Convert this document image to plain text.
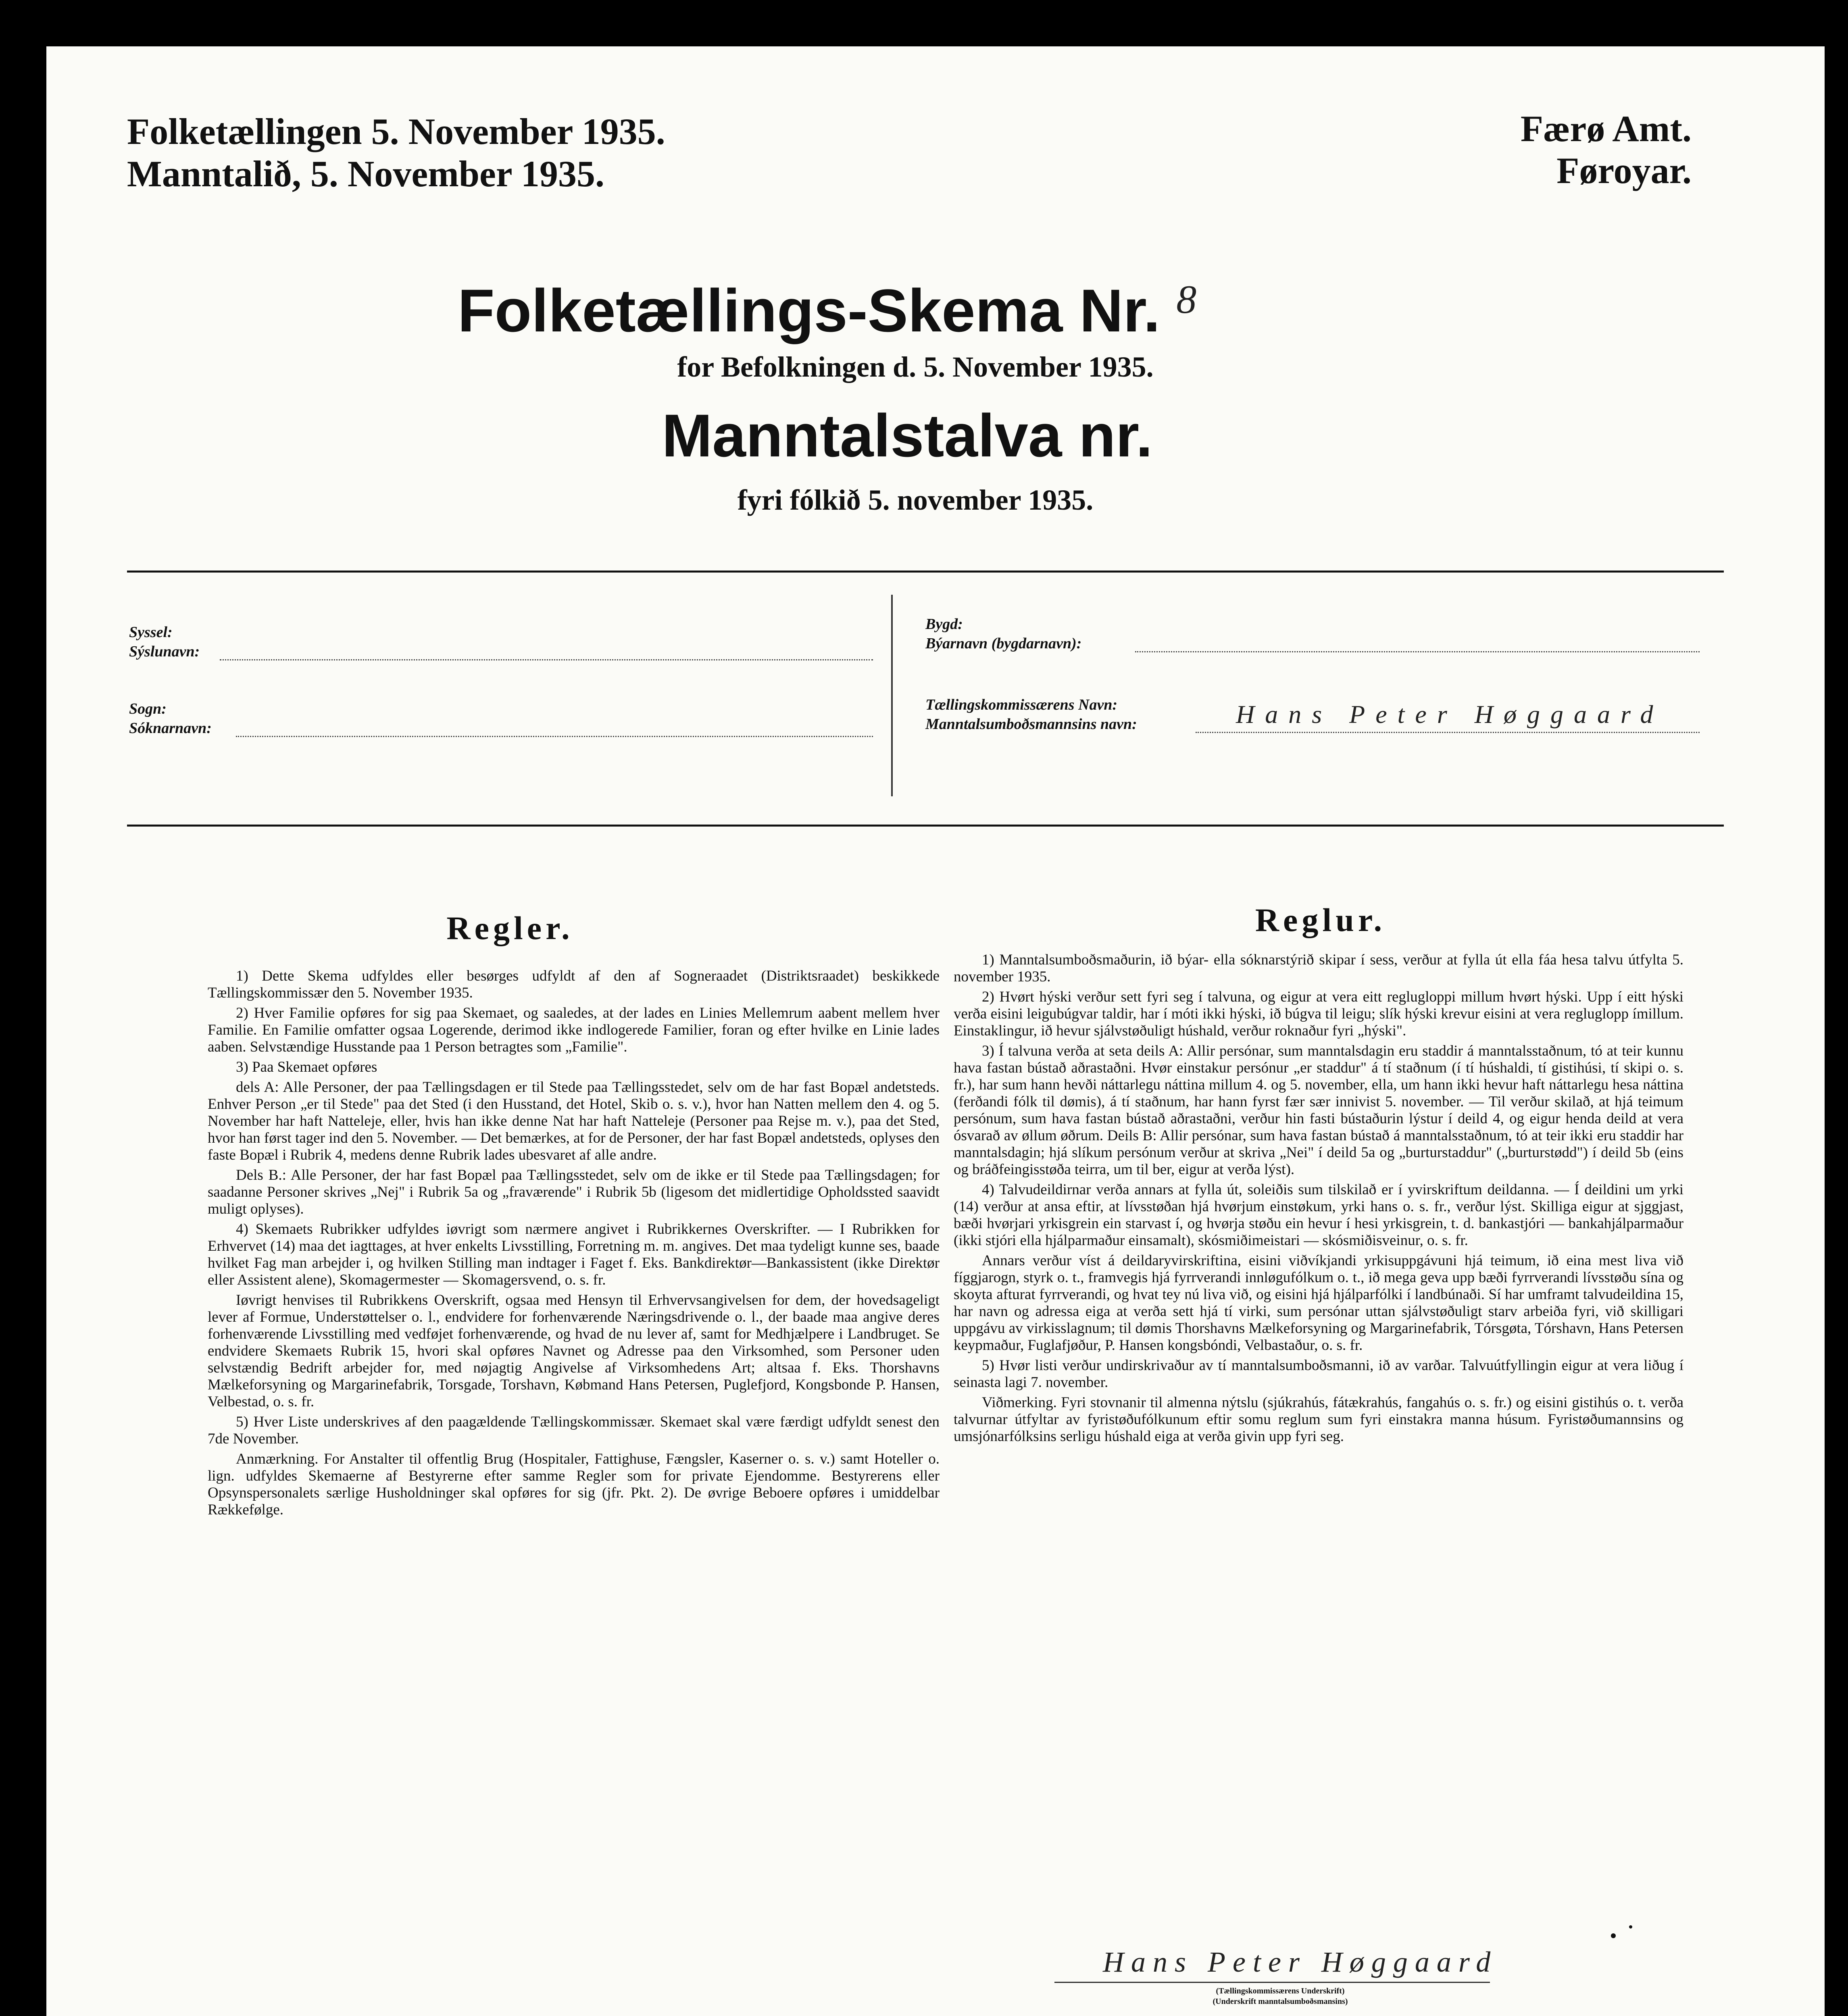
Folketællingen 5. November 1935.
Manntalið, 5. November 1935.
Færø Amt.
Føroyar.
Folketællings-Skema Nr. 8
for Befolkningen d. 5. November 1935.
Manntalstalva nr.
fyri fólkið 5. november 1935.
Syssel:
Sýslunavn:
Sogn:
Sóknarnavn:
Bygd:
Býarnavn (bygdarnavn):
Tællingskommissærens Navn:
Manntalsumboðsmannsins navn:	Hans Peter Høggaard
Regler.	Reglur.

1) Dette Skema udfyldes eller besørges udfyldt af den af Sogneraadet (Distriktsraadet) beskikkede Tællingskommissær den 5. November 1935.

2) Hver Familie opføres for sig paa Skemaet, og saaledes, at der lades en Linies Mellemrum aabent mellem hver Familie. En Familie omfatter ogsaa Logerende, derimod ikke indlogerede Familier, foran og efter hvilke en Linie lades aaben. Selvstændige Husstande paa 1 Person betragtes som „Familie".

3) Paa Skemaet opføres

dels A: Alle Personer, der paa Tællingsdagen er til Stede paa Tællingsstedet, selv om de har fast Bopæl andetsteds. Enhver Person „er til Stede" paa det Sted (i den Husstand, det Hotel, Skib o. s. v.), hvor han Natten mellem den 4. og 5. November har haft Natteleje, eller, hvis han ikke denne Nat har haft Natteleje (Personer paa Rejse m. v.), paa det Sted, hvor han først tager ind den 5. November. — Det bemærkes, at for de Personer, der har fast Bopæl andetsteds, oplyses den faste Bopæl i Rubrik 4, medens denne Rubrik lades ubesvaret af alle andre.

Dels B.: Alle Personer, der har fast Bopæl paa Tællingsstedet, selv om de ikke er til Stede paa Tællingsdagen; for saadanne Personer skrives „Nej" i Rubrik 5a og „fraværende" i Rubrik 5b (ligesom det midlertidige Opholdssted saavidt muligt oplyses).

4) Skemaets Rubrikker udfyldes iøvrigt som nærmere angivet i Rubrikkernes Overskrifter. — I Rubrikken for Erhvervet (14) maa det iagttages, at hver enkelts Livsstilling, Forretning m. m. angives. Det maa tydeligt kunne ses, baade hvilket Fag man arbejder i, og hvilken Stilling man indtager i Faget f. Eks. Bankdirektør—Bankassistent (ikke Direktør eller Assistent alene), Skomagermester — Skomagersvend, o. s. fr.

Iøvrigt henvises til Rubrikkens Overskrift, ogsaa med Hensyn til Erhvervsangivelsen for dem, der hovedsageligt lever af Formue, Understøttelser o. l., endvidere for forhenværende Næringsdrivende o. l., der baade maa angive deres forhenværende Livsstilling med vedføjet forhenværende, og hvad de nu lever af, samt for Medhjælpere i Landbruget. Se endvidere Skemaets Rubrik 15, hvori skal opføres Navnet og Adresse paa den Virksomhed, som Personer uden selvstændig Bedrift arbejder for, med nøjagtig Angivelse af Virksomhedens Art; altsaa f. Eks. Thorshavns Mælkeforsyning og Margarinefabrik, Torsgade, Torshavn, Købmand Hans Petersen, Puglefjord, Kongsbonde P. Hansen, Velbestad, o. s. fr.

5) Hver Liste underskrives af den paagældende Tællingskommissær. Skemaet skal være færdigt udfyldt senest den 7de November.

Anmærkning. For Anstalter til offentlig Brug (Hospitaler, Fattighuse, Fængsler, Kaserner o. s. v.) samt Hoteller o. lign. udfyldes Skemaerne af Bestyrerne efter samme Regler som for private Ejendomme. Bestyrerens eller Opsynspersonalets særlige Husholdninger skal opføres for sig (jfr. Pkt. 2). De øvrige Beboere opføres i umiddelbar Rækkefølge.

1) Manntalsumboðsmaðurin, ið býar- ella sóknarstýrið skipar í sess, verður at fylla út ella fáa hesa talvu útfylta 5. november 1935.

2) Hvørt hýski verður sett fyri seg í talvuna, og eigur at vera eitt reglugloppi millum hvørt hýski. Upp í eitt hýski verða eisini leigubúgvar taldir, har í móti ikki hýski, ið búgva til leigu; slík hýski krevur eisini at vera regluglopp ímillum. Einstaklingur, ið hevur sjálvstøðuligt húshald, verður roknaður fyri „hýski".

3) Í talvuna verða at seta deils A: Allir persónar, sum manntalsdagin eru staddir á manntalsstaðnum, tó at teir kunnu hava fastan bústað aðrastaðni. Hvør einstakur persónur „er staddur" á tí staðnum (í tí húshaldi, tí gistihúsi, tí skipi o. s. fr.), har sum hann hevði náttarlegu náttina millum 4. og 5. november, ella, um hann ikki hevur haft náttarlegu hesa náttina (ferðandi fólk til dømis), á tí staðnum, har hann fyrst fær sær innivist 5. november. — Til verður skilað, at hjá teimum persónum, sum hava fastan bústað aðrastaðni, verður hin fasti bústaðurin lýstur í deild 4, og eigur henda deild at vera ósvarað av øllum øðrum. Deils B: Allir persónar, sum hava fastan bústað á manntalsstaðnum, tó at teir ikki eru staddir har manntalsdagin; hjá slíkum persónum verður at skriva „Nei" í deild 5a og „burturstaddur" („burturstødd") í deild 5b (eins og bráðfeingisstøða teirra, um til ber, eigur at verða lýst).

4) Talvudeildirnar verða annars at fylla út, soleiðis sum tilskilað er í yvirskriftum deildanna. — Í deildini um yrki (14) verður at ansa eftir, at lívsstøðan hjá hvørjum einstøkum, yrki hans o. s. fr., verður lýst. Skilliga eigur at sjggjast, bæði hvørjari yrkisgrein ein starvast í, og hvørja støðu ein hevur í hesi yrkisgrein, t. d. bankastjóri — bankahjálparmaður (ikki stjóri ella hjálparmaður einsamalt), skósmiðimeistari — skósmiðisveinur, o. s. fr.

Annars verður víst á deildaryvirskriftina, eisini viðvíkjandi yrkisuppgávuni hjá teimum, ið eina mest liva við fíggjarogn, styrk o. t., framvegis hjá fyrrverandi innløgufólkum o. t., ið mega geva upp bæði fyrrverandi lívsstøðu sína og skoyta afturat fyrrverandi, og hvat tey nú liva við, og eisini hjá hjálparfólki í landbúnaði. Sí har umframt talvudeildina 15, har navn og adressa eiga at verða sett hjá tí virki, sum persónar uttan sjálvstøðuligt starv arbeiða fyri, við skilligari uppgávu av virkisslagnum; til dømis Thorshavns Mælkeforsyning og Margarinefabrik, Tórsgøta, Tórshavn, Hans Petersen keypmaður, Fuglafjøður, P. Hansen kongsbóndi, Velbastaður, o. s. fr.

5) Hvør listi verður undirskrivaður av tí manntalsumboðsmanni, ið av varðar. Talvuútfyllingin eigur at vera liðug í seinasta lagi 7. november.

Viðmerking. Fyri stovnanir til almenna nýtslu (sjúkrahús, fátækrahús, fangahús o. s. fr.) og eisini gistihús o. t. verða talvurnar útfyltar av fyristøðufólkunum eftir somu reglum sum fyri einstakra manna húsum. Fyristøðumannsins og umsjónarfólksins serligu húshald eiga at verða givin upp fyri seg.

Hans Peter Høggaard
(Tællingskommissærens Underskrift)
(Underskrift manntalsumboðsmansins)
